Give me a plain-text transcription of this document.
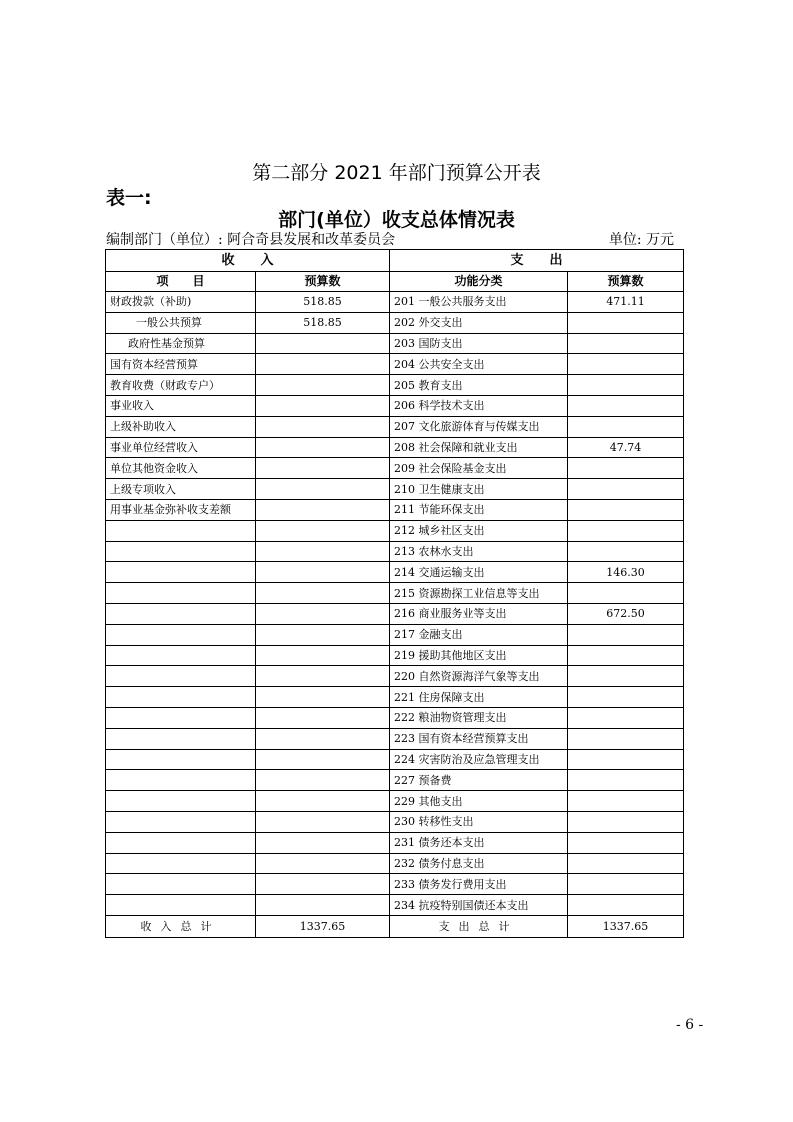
第二部分 2021 年部门预算公开表
表一:
部门(单位）收支总体情况表
编制部门（单位）: 阿合奇县发展和改革委员会	单位: 万元
收　　入		支　　出	
项　　目	预算数	功能分类	预算数
财政拨款（补助)	518.85	201 一般公共服务支出	471.11
一般公共预算	518.85	202 外交支出	
政府性基金预算		203 国防支出	
国有资本经营预算		204 公共安全支出	
教育收费（财政专户）		205 教育支出	
事业收入		206 科学技术支出	
上级补助收入		207 文化旅游体育与传媒支出	
事业单位经营收入		208 社会保障和就业支出	47.74
单位其他资金收入		209 社会保险基金支出	
上级专项收入		210 卫生健康支出	
用事业基金弥补收支差额		211 节能环保支出	
		212 城乡社区支出	
		213 农林水支出	
		214 交通运输支出	146.30
		215 资源勘探工业信息等支出	
		216 商业服务业等支出	672.50
		217 金融支出	
		219 援助其他地区支出	
		220 自然资源海洋气象等支出	
		221 住房保障支出	
		222 粮油物资管理支出	
		223 国有资本经营预算支出	
		224 灾害防治及应急管理支出	
		227 预备费	
		229 其他支出	
		230 转移性支出	
		231 债务还本支出	
		232 债务付息支出	
		233 债务发行费用支出	
		234 抗疫特别国债还本支出	
收入总计	1337.65	支出总计	1337.65
- 6 -
